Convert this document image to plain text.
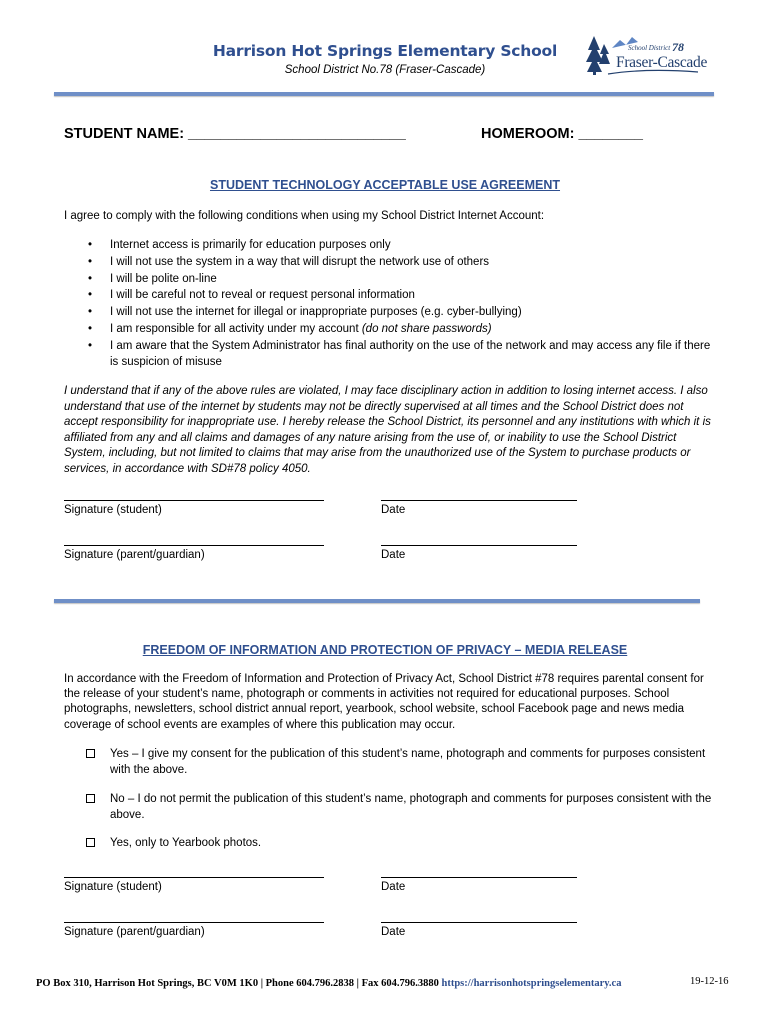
Harrison Hot Springs Elementary School
School District No.78 (Fraser-Cascade)
School District 78
Fraser-Cascade
STUDENT NAME: ___________________________	HOMEROOM: ________
STUDENT TECHNOLOGY ACCEPTABLE USE AGREEMENT
I agree to comply with the following conditions when using my School District Internet Account:
• Internet access is primarily for education purposes only
• I will not use the system in a way that will disrupt the network use of others
• I will be polite on-line
• I will be careful not to reveal or request personal information
• I will not use the internet for illegal or inappropriate purposes (e.g. cyber-bullying)
• I am responsible for all activity under my account (do not share passwords)
• I am aware that the System Administrator has final authority on the use of the network and may access any file if there is suspicion of misuse
I understand that if any of the above rules are violated, I may face disciplinary action in addition to losing internet access. I also understand that use of the internet by students may not be directly supervised at all times and the School District does not accept responsibility for inappropriate use. I hereby release the School District, its personnel and any institutions with which it is affiliated from any and all claims and damages of any nature arising from the use of, or inability to use the School District System, including, but not limited to claims that may arise from the unauthorized use of the System to purchase products or services, in accordance with SD#78 policy 4050.
Signature (student)	Date
Signature (parent/guardian)	Date
FREEDOM OF INFORMATION AND PROTECTION OF PRIVACY – MEDIA RELEASE
In accordance with the Freedom of Information and Protection of Privacy Act, School District #78 requires parental consent for the release of your student’s name, photograph or comments in activities not required for educational purposes. School photographs, newsletters, school district annual report, yearbook, school website, school Facebook page and news media coverage of school events are examples of where this publication may occur.
Yes – I give my consent for the publication of this student’s name, photograph and comments for purposes consistent with the above.
No – I do not permit the publication of this student’s name, photograph and comments for purposes consistent with the above.
Yes, only to Yearbook photos.
Signature (student)	Date
Signature (parent/guardian)	Date
PO Box 310, Harrison Hot Springs, BC V0M 1K0 | Phone 604.796.2838 | Fax 604.796.3880 https://harrisonhotspringselementary.ca	19-12-16
